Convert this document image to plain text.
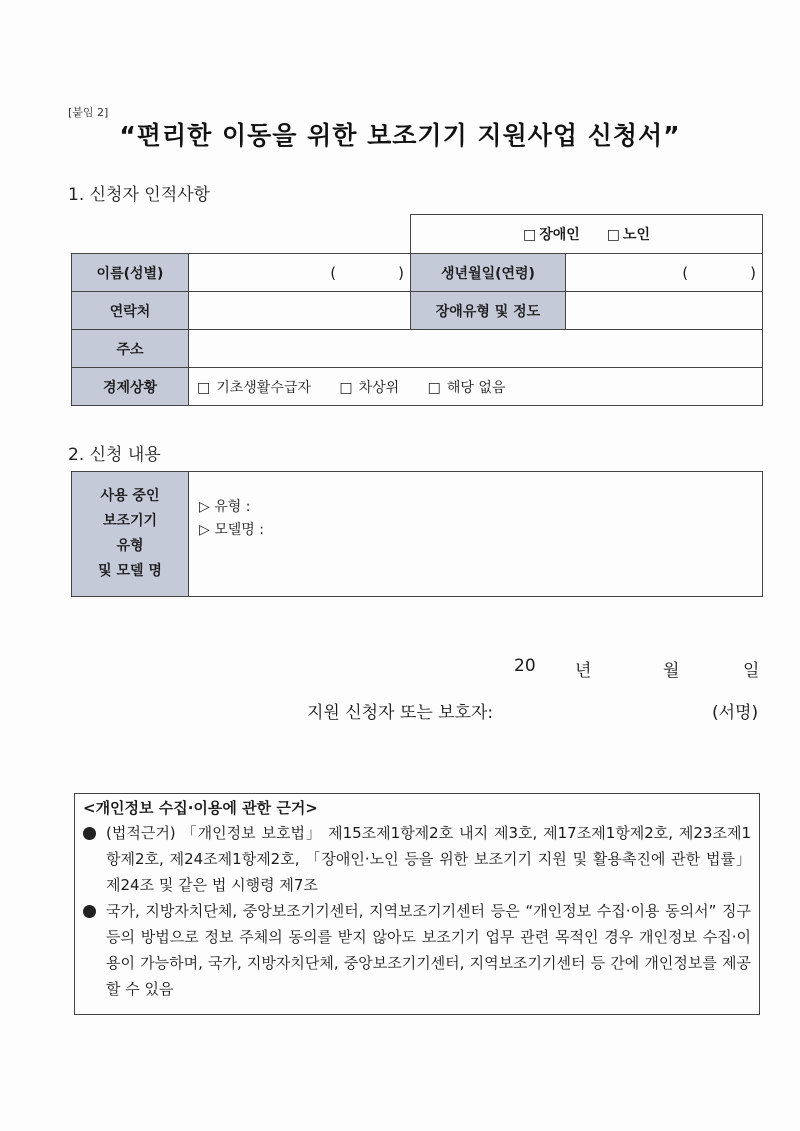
[붙임 2]
“편리한 이동을 위한 보조기기 지원사업 신청서”
1. 신청자 인적사항
		□ 장애인 □ 노인	
이름(성별)	( )	생년월일(연령)	( )

연락처		장애유형 및 정도	
주소			
경제상황	□ 기초생활수급자 □ 차상위 □ 해당 없음		
2. 신청 내용
사용 중인
보조기기
유형
및 모델 명

▷ 유형 :
▷ 모델명 :
20 년	월	일
지원 신청자 또는 보호자:	(서명)
<개인정보 수집·이용에 관한 근거>
(법적근거) 「개인정보 보호법」 제15조제1항제2호 내지 제3호, 제17조제1항제2호, 제23조제1항제2호, 제24조제1항제2호, 「장애인·노인 등을 위한 보조기기 지원 및 활용촉진에 관한 법률」 제24조 및 같은 법 시행령 제7조
국가, 지방자치단체, 중앙보조기기센터, 지역보조기기센터 등은 “개인정보 수집·이용 동의서” 징구 등의 방법으로 정보 주체의 동의를 받지 않아도 보조기기 업무 관련 목적인 경우 개인정보 수집·이용이 가능하며, 국가, 지방자치단체, 중앙보조기기센터, 지역보조기기센터 등 간에 개인정보를 제공할 수 있음
